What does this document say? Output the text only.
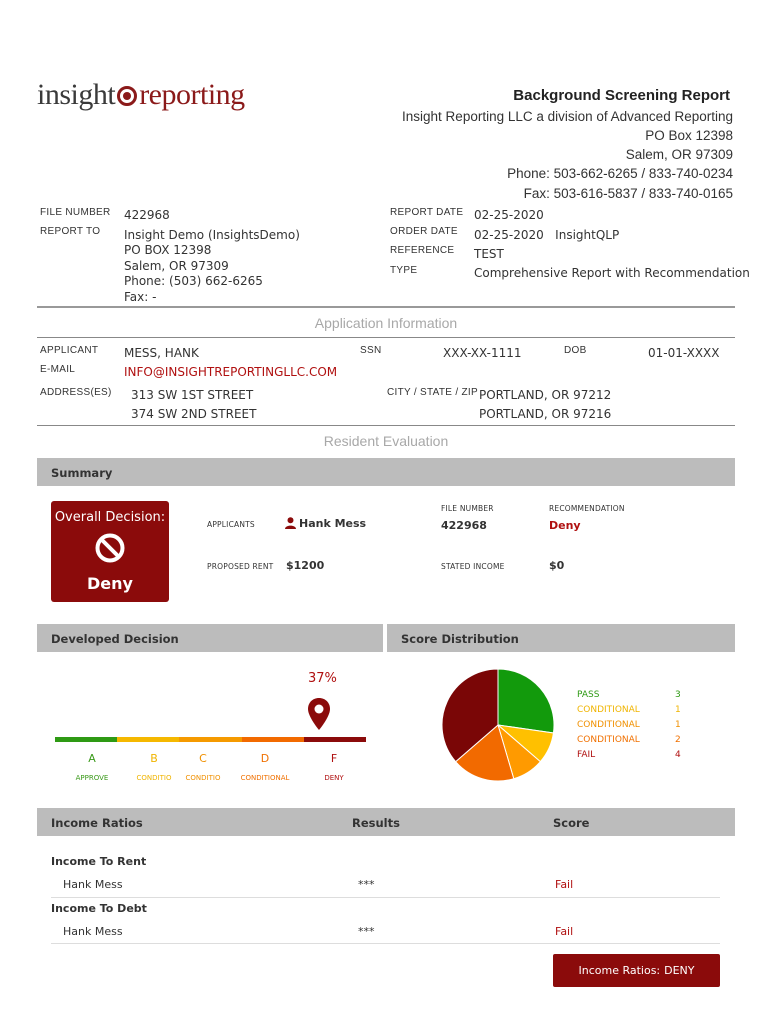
insight reporting	Background Screening Report
Insight Reporting LLC a division of Advanced Reporting
PO Box 12398
Salem, OR 97309
Phone: 503-662-6265 / 833-740-0234
Fax: 503-616-5837 / 833-740-0165
FILE NUMBER 422968
REPORT TO Insight Demo (InsightsDemo)
PO BOX 12398
Salem, OR 97309
Phone: (503) 662-6265
Fax: -
REPORT DATE 02-25-2020
ORDER DATE 02-25-2020   InsightQLP
REFERENCE TEST
TYPE	Comprehensive Report with Recommendation
Application Information
APPLICANT MESS, HANK	SSN	XXX-XX-1111	DOB	01-01-XXXX
E-MAIL	INFO@INSIGHTREPORTINGLLC.COM
ADDRESS(ES) 313 SW 1ST STREET
374 SW 2ND STREET
CITY / STATE / ZIP PORTLAND, OR 97212
PORTLAND, OR 97216
Resident Evaluation
Summary
Overall Decision:
Deny
APPLICANTS	Hank Mess
FILE NUMBER
422968
RECOMMENDATION
Deny
PROPOSED RENT $1200	STATED INCOME	$0
Developed Decision	Score Distribution
37%
A
APPROVE
B
CONDITIO
C
CONDITIO
D
CONDITIONAL
F
DENY
PASS	3
CONDITIONAL	1
CONDITIONAL	1
CONDITIONAL	2
FAIL	4
Income Ratios	Results	Score
Income To Rent
Hank Mess	***	Fail
Income To Debt
Hank Mess	***	Fail
Income Ratios: DENY
